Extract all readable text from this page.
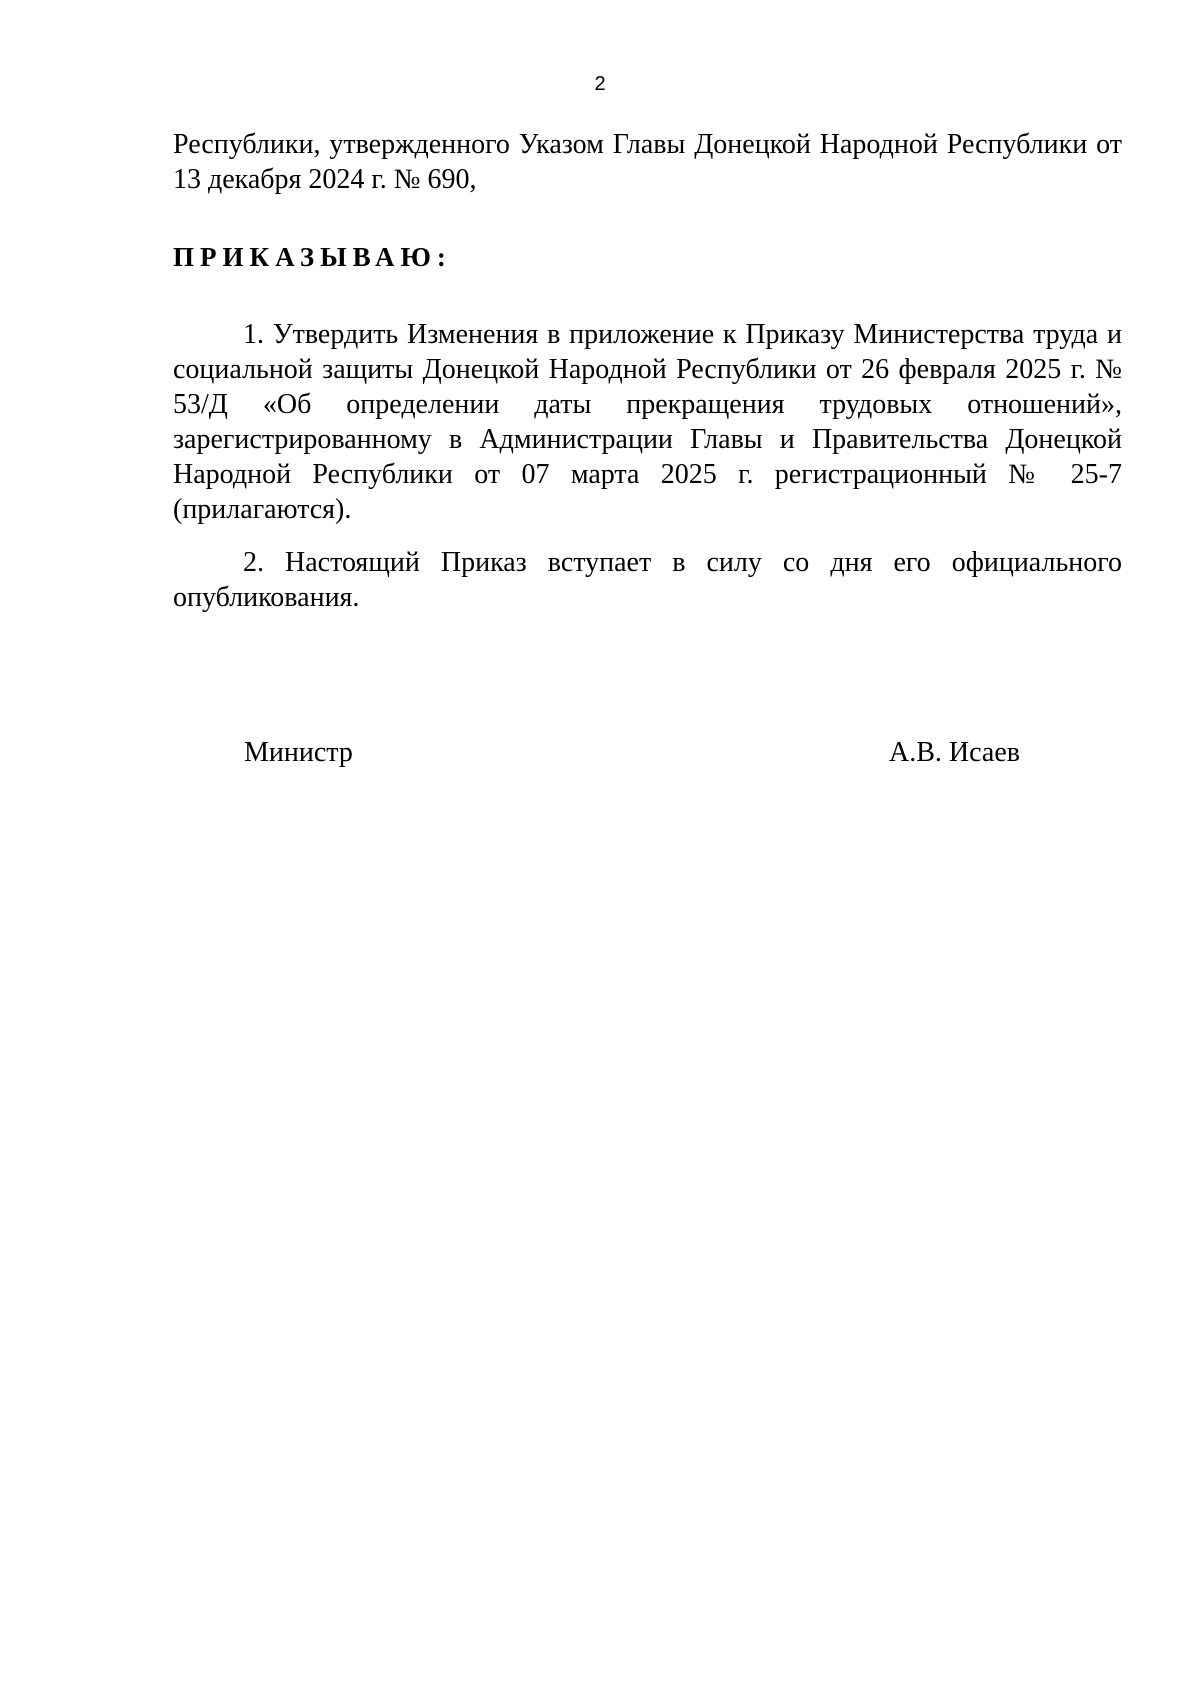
2
Республики, утвержденного Указом Главы Донецкой Народной Республики от 13 декабря 2024 г. № 690,
ПРИКАЗЫВАЮ:
1. Утвердить Изменения в приложение к Приказу Министерства труда и социальной защиты Донецкой Народной Республики от 26 февраля 2025 г. № 53/Д «Об определении даты прекращения трудовых отношений», зарегистрированному в Администрации Главы и Правительства Донецкой Народной Республики от 07 марта 2025 г. регистрационный № 25-7 (прилагаются).
2. Настоящий Приказ вступает в силу со дня его официального опубликования.
Министр	А.В. Исаев
